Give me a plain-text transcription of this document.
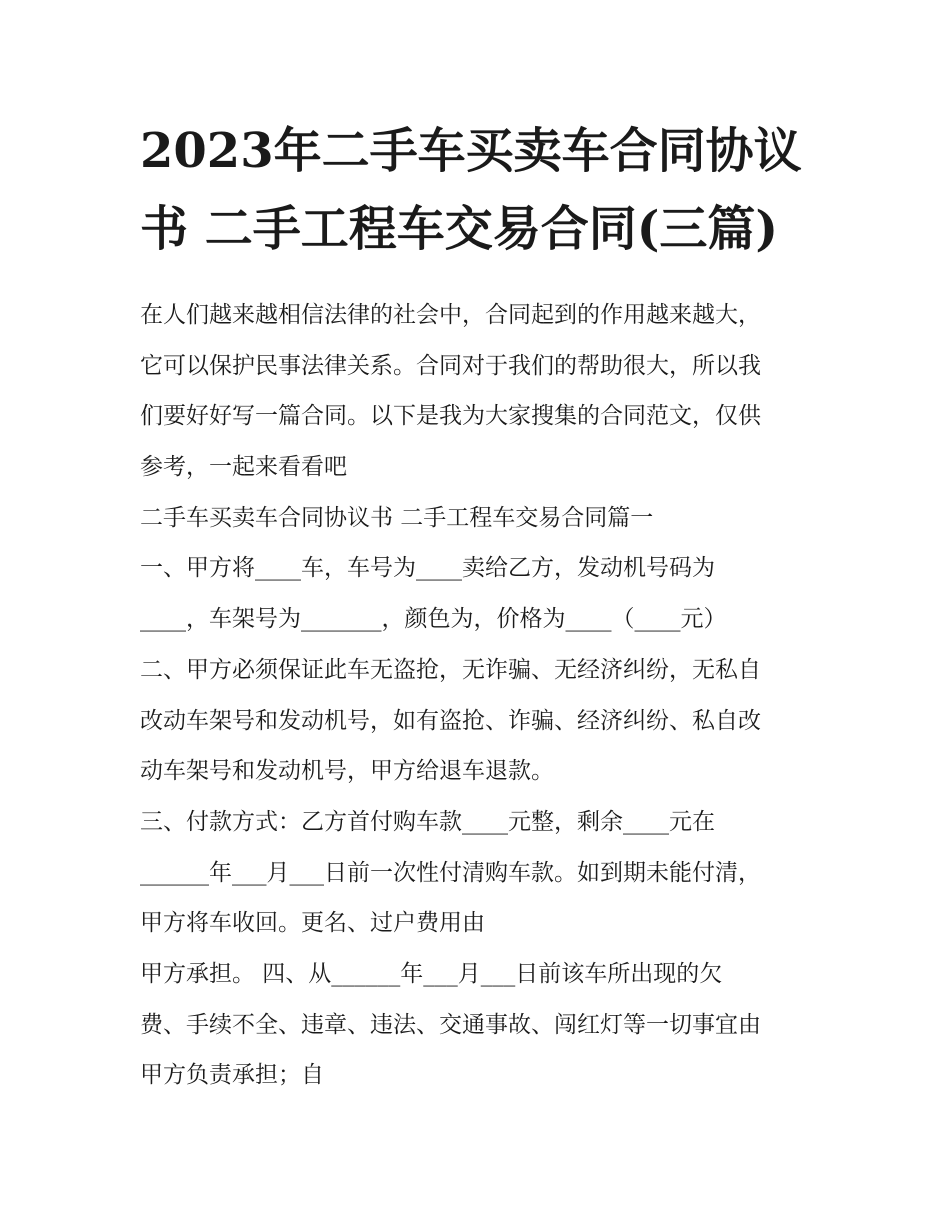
2023年二手车买卖车合同协议
书 二手工程车交易合同(三篇)
在人们越来越相信法律的社会中，合同起到的作用越来越大，
它可以保护民事法律关系。合同对于我们的帮助很大，所以我
们要好好写一篇合同。以下是我为大家搜集的合同范文，仅供
参考，一起来看看吧
二手车买卖车合同协议书 二手工程车交易合同篇一
一、甲方将____车，车号为____卖给乙方，发动机号码为
____，车架号为_______，颜色为，价格为____（____元）
二、甲方必须保证此车无盗抢，无诈骗、无经济纠纷，无私自
改动车架号和发动机号，如有盗抢、诈骗、经济纠纷、私自改
动车架号和发动机号，甲方给退车退款。
三、付款方式：乙方首付购车款____元整，剩余____元在
______年___月___日前一次性付清购车款。如到期未能付清，
甲方将车收回。更名、过户费用由
甲方承担。 四、从______年___月___日前该车所出现的欠
费、手续不全、违章、违法、交通事故、闯红灯等一切事宜由
甲方负责承担；自
